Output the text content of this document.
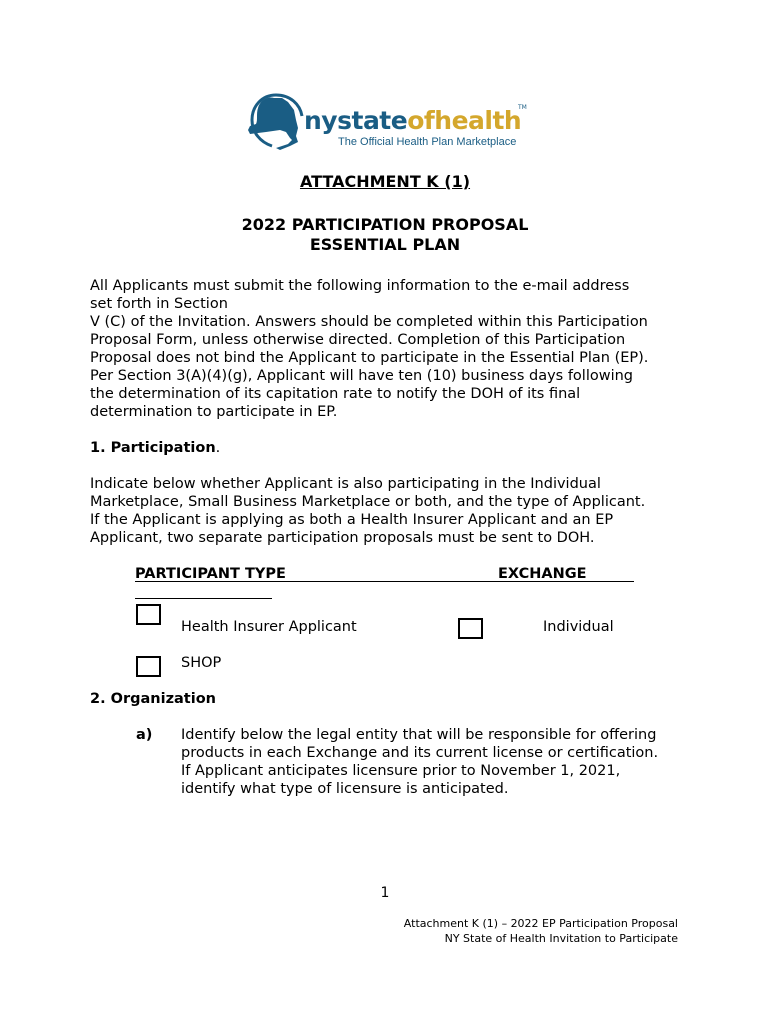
nystateofhealth
TM
The Official Health Plan Marketplace
ATTACHMENT K (1)
2022 PARTICIPATION PROPOSAL
ESSENTIAL PLAN
All Applicants must submit the following information to the e-mail address
set forth in Section
V (C) of the Invitation. Answers should be completed within this Participation
Proposal Form, unless otherwise directed. Completion of this Participation
Proposal does not bind the Applicant to participate in the Essential Plan (EP).
Per Section 3(A)(4)(g), Applicant will have ten (10) business days following
the determination of its capitation rate to notify the DOH of its final
determination to participate in EP.
1. Participation.
Indicate below whether Applicant is also participating in the Individual
Marketplace, Small Business Marketplace or both, and the type of Applicant.
If the Applicant is applying as both a Health Insurer Applicant and an EP
Applicant, two separate participation proposals must be sent to DOH.
PARTICIPANT TYPE	EXCHANGE
Health Insurer Applicant	Individual
SHOP
2. Organization
a) Identify below the legal entity that will be responsible for offering
products in each Exchange and its current license or certification.
If Applicant anticipates licensure prior to November 1, 2021,
identify what type of licensure is anticipated.
1
Attachment K (1) – 2022 EP Participation Proposal
NY State of Health Invitation to Participate
